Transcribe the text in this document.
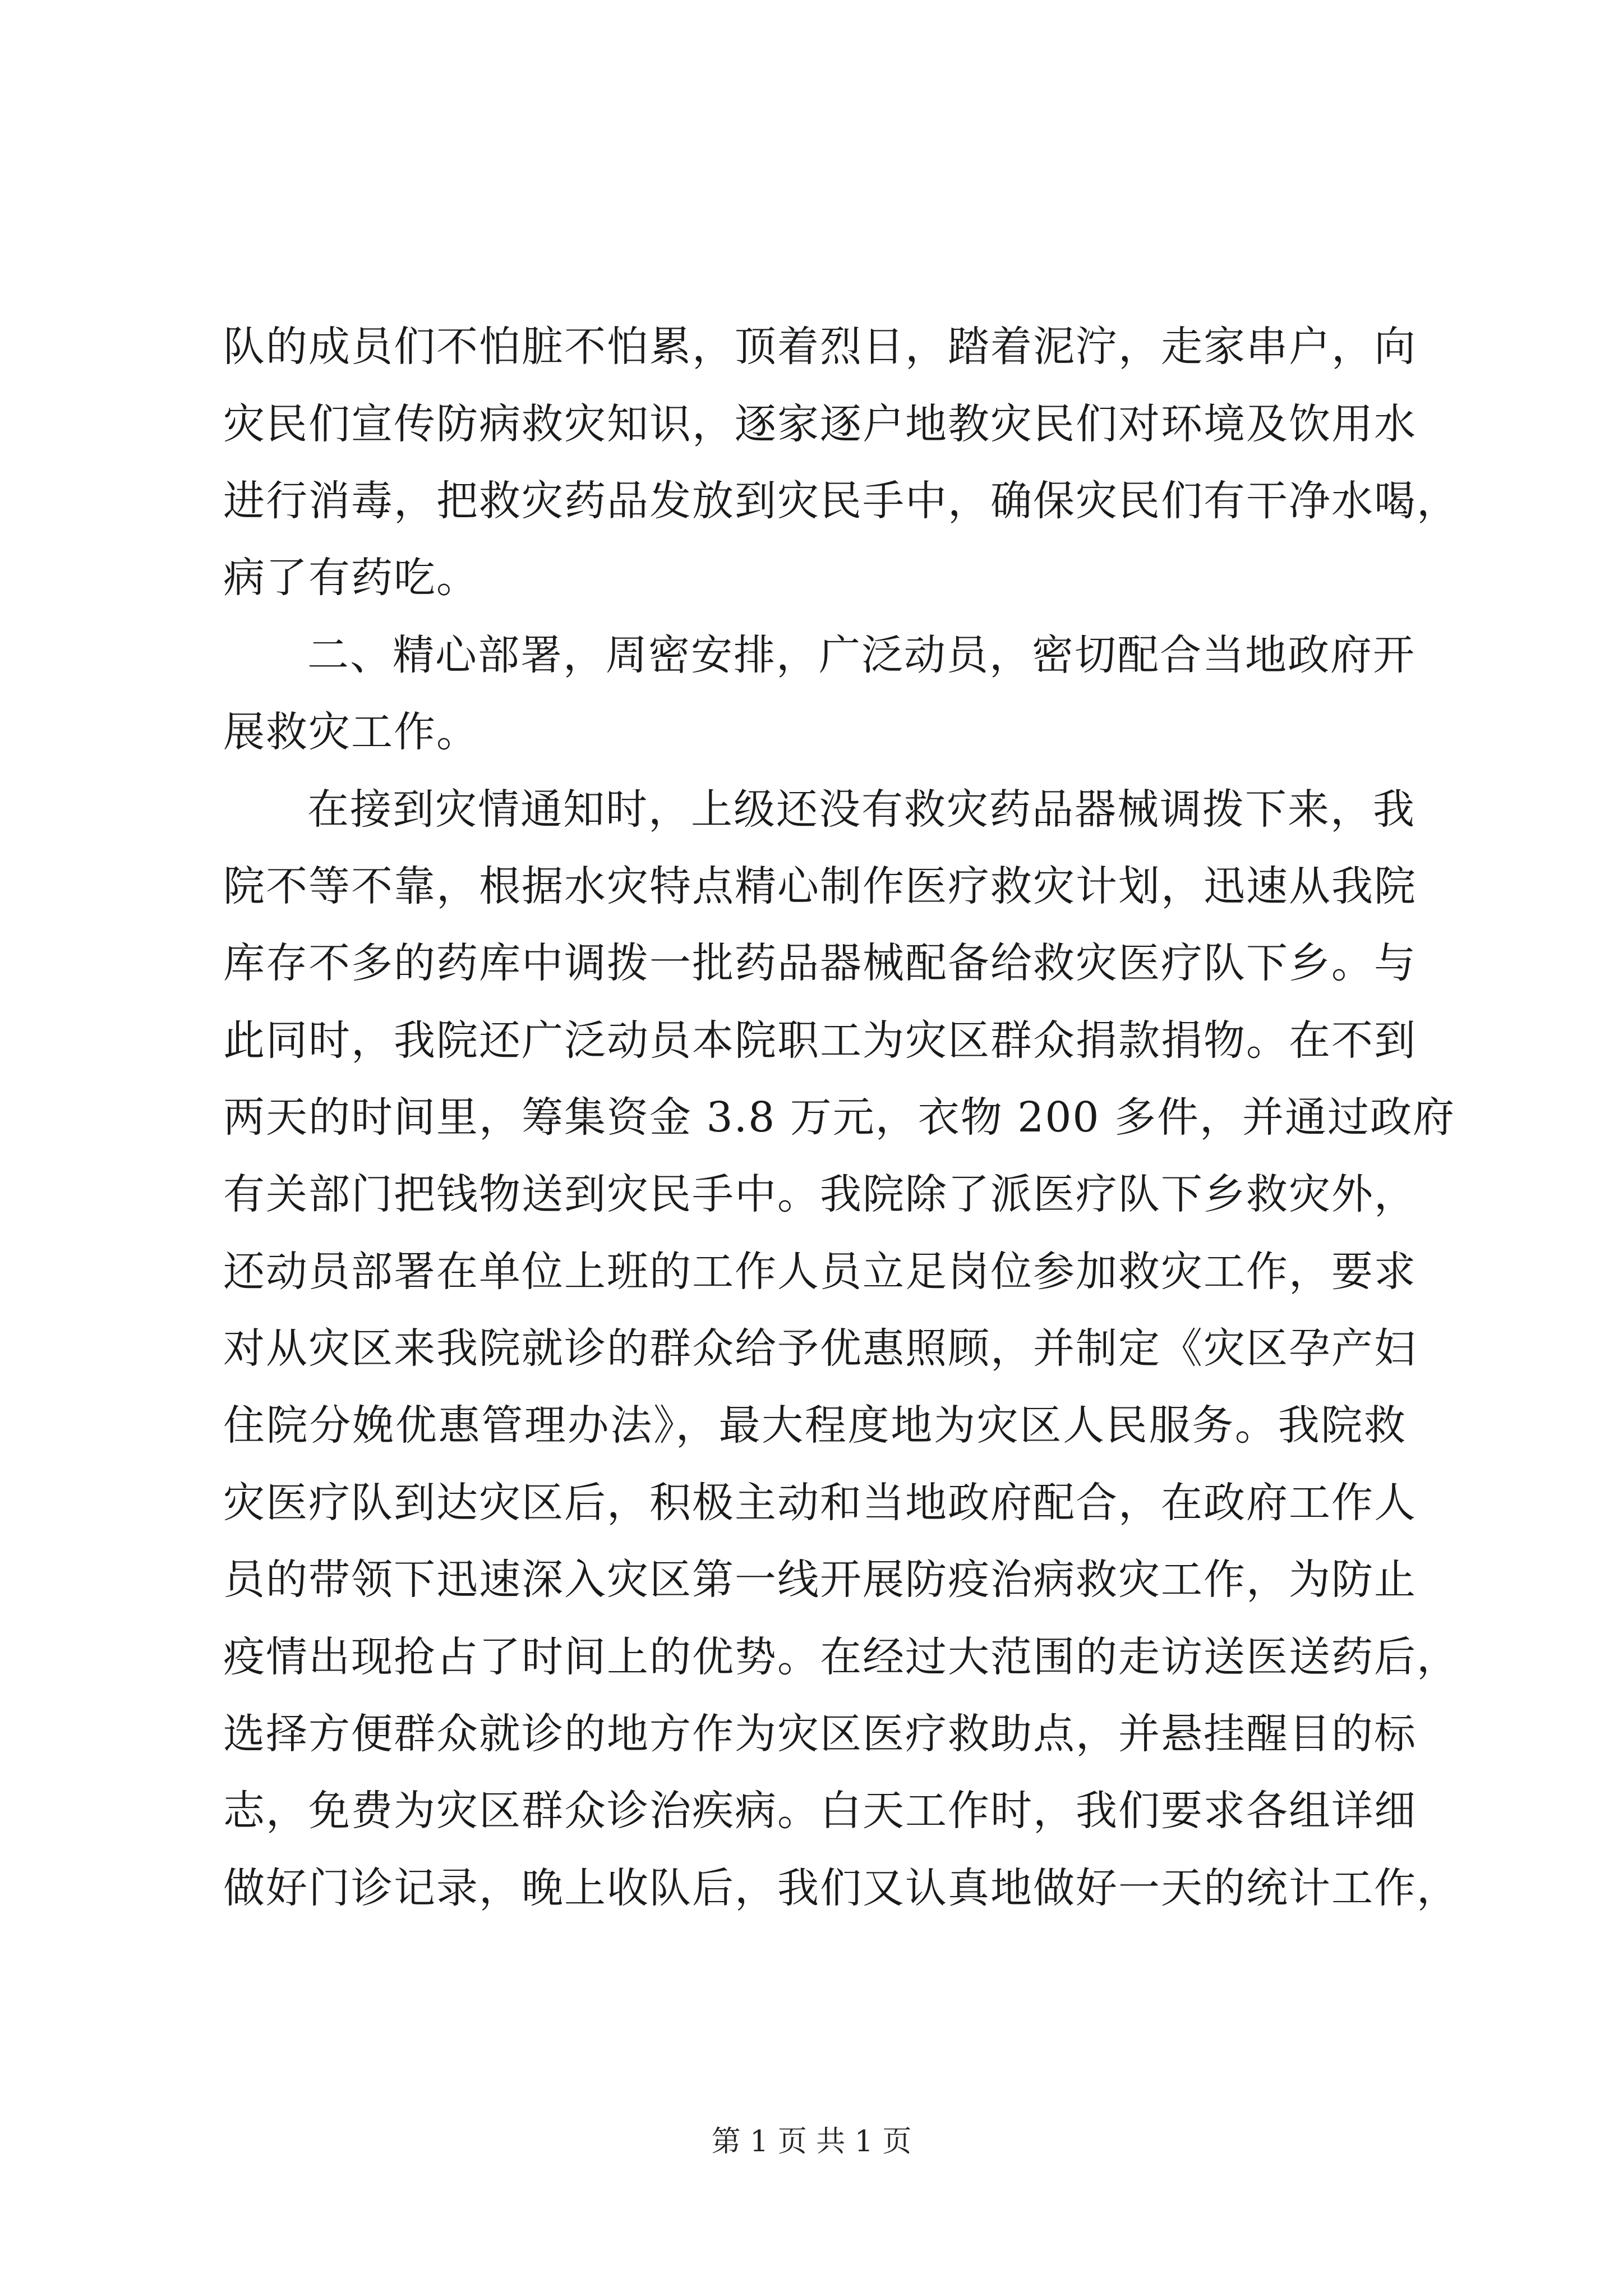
队的成员们不怕脏不怕累，顶着烈日，踏着泥泞，走家串户，向
灾民们宣传防病救灾知识，逐家逐户地教灾民们对环境及饮用水
进行消毒，把救灾药品发放到灾民手中，确保灾民们有干净水喝，
病了有药吃。
二、精心部署，周密安排，广泛动员，密切配合当地政府开
展救灾工作。
在接到灾情通知时，上级还没有救灾药品器械调拨下来，我
院不等不靠，根据水灾特点精心制作医疗救灾计划，迅速从我院
库存不多的药库中调拨一批药品器械配备给救灾医疗队下乡。与
此同时，我院还广泛动员本院职工为灾区群众捐款捐物。在不到
两天的时间里，筹集资金 3.8 万元，衣物 200 多件，并通过政府
有关部门把钱物送到灾民手中。我院除了派医疗队下乡救灾外，
还动员部署在单位上班的工作人员立足岗位参加救灾工作，要求
对从灾区来我院就诊的群众给予优惠照顾，并制定《灾区孕产妇
住院分娩优惠管理办法》，最大程度地为灾区人民服务。我院救
灾医疗队到达灾区后，积极主动和当地政府配合，在政府工作人
员的带领下迅速深入灾区第一线开展防疫治病救灾工作，为防止
疫情出现抢占了时间上的优势。在经过大范围的走访送医送药后，
选择方便群众就诊的地方作为灾区医疗救助点，并悬挂醒目的标
志，免费为灾区群众诊治疾病。白天工作时，我们要求各组详细
做好门诊记录，晚上收队后，我们又认真地做好一天的统计工作，
第 1 页 共 1 页
